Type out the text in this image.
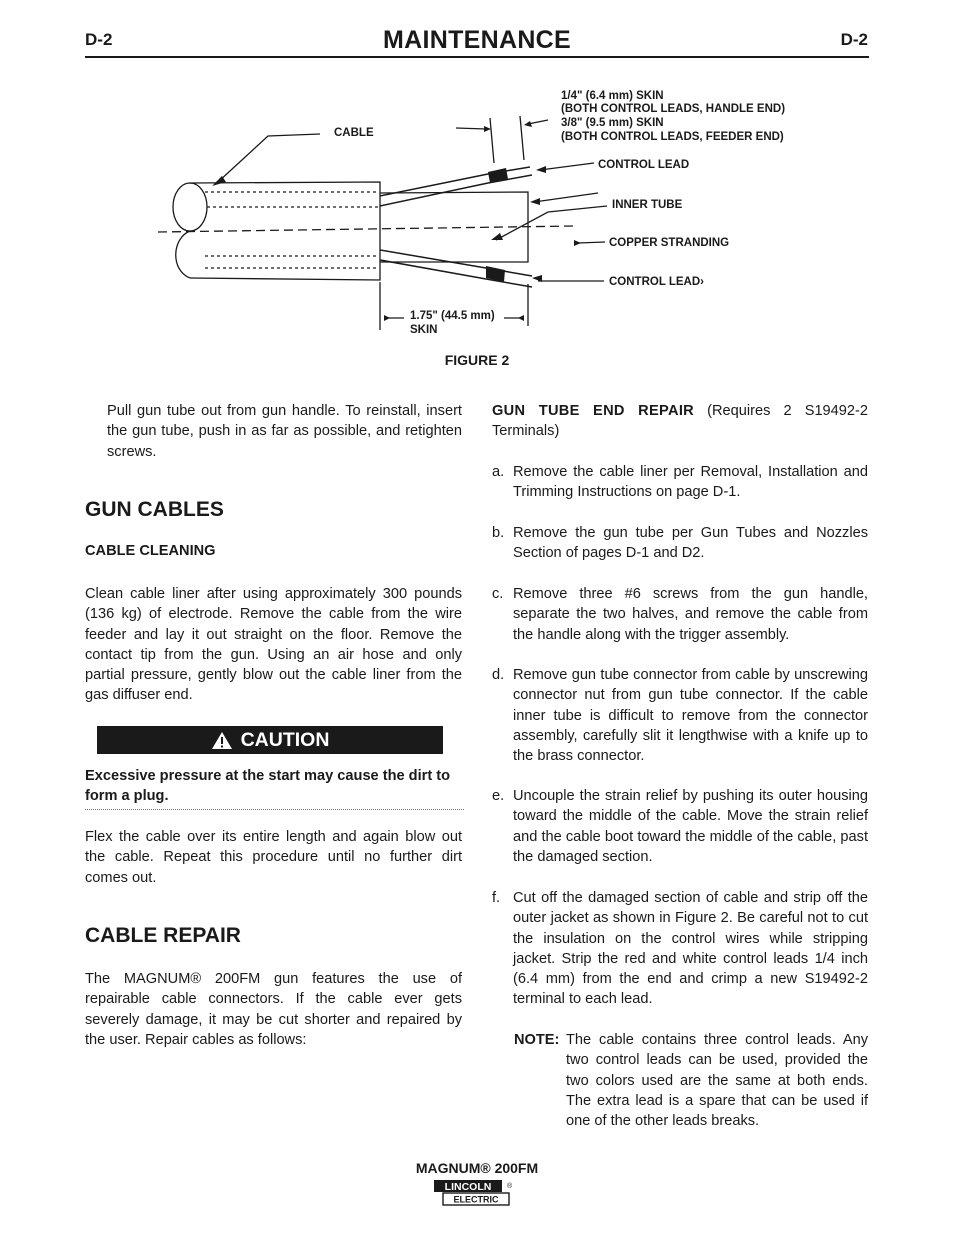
D-2	MAINTENANCE	D-2
CABLE
1/4" (6.4 mm) SKIN
(BOTH CONTROL LEADS, HANDLE END)
3/8" (9.5 mm) SKIN
(BOTH CONTROL LEADS, FEEDER END)
CONTROL LEAD
INNER TUBE
COPPER STRANDING
CONTROL LEAD›
1.75" (44.5 mm)
SKIN
FIGURE 2
Pull gun tube out from gun handle. To reinstall, insert the gun tube, push in as far as possible, and retighten screws.
GUN CABLES
CABLE CLEANING
Clean cable liner after using approximately 300 pounds (136 kg) of electrode. Remove the cable from the wire feeder and lay it out straight on the floor. Remove the contact tip from the gun. Using an air hose and only partial pressure, gently blow out the cable liner from the gas diffuser end.
CAUTION
Excessive pressure at the start may cause the dirt to form a plug.
Flex the cable over its entire length and again blow out the cable. Repeat this procedure until no further dirt comes out.
CABLE REPAIR
The MAGNUM® 200FM gun features the use of repairable cable connectors. If the cable ever gets severely damage, it may be cut shorter and repaired by the user. Repair cables as follows:
GUN TUBE END REPAIR (Requires 2 S19492-2 Terminals)
a. Remove the cable liner per Removal, Installation and Trimming Instructions on page D-1.
b. Remove the gun tube per Gun Tubes and Nozzles Section of pages D-1 and D2.
c. Remove three #6 screws from the gun handle, separate the two halves, and remove the cable from the handle along with the trigger assembly.
d. Remove gun tube connector from cable by unscrewing connector nut from gun tube connector. If the cable inner tube is difficult to remove from the connector assembly, carefully slit it lengthwise with a knife up to the brass connector.
e. Uncouple the strain relief by pushing its outer housing toward the middle of the cable. Move the strain relief and the cable boot toward the middle of the cable, past the damaged section.
f. Cut off the damaged section of cable and strip off the outer jacket as shown in Figure 2. Be careful not to cut the insulation on the control wires while stripping jacket. Strip the red and white control leads 1/4 inch (6.4 mm) from the end and crimp a new S19492-2 terminal to each lead.
NOTE: The cable contains three control leads. Any two control leads can be used, provided the two colors used are the same at both ends. The extra lead is a spare that can be used if one of the other leads breaks.
MAGNUM® 200FM
LINCOLN
ELECTRIC
®
